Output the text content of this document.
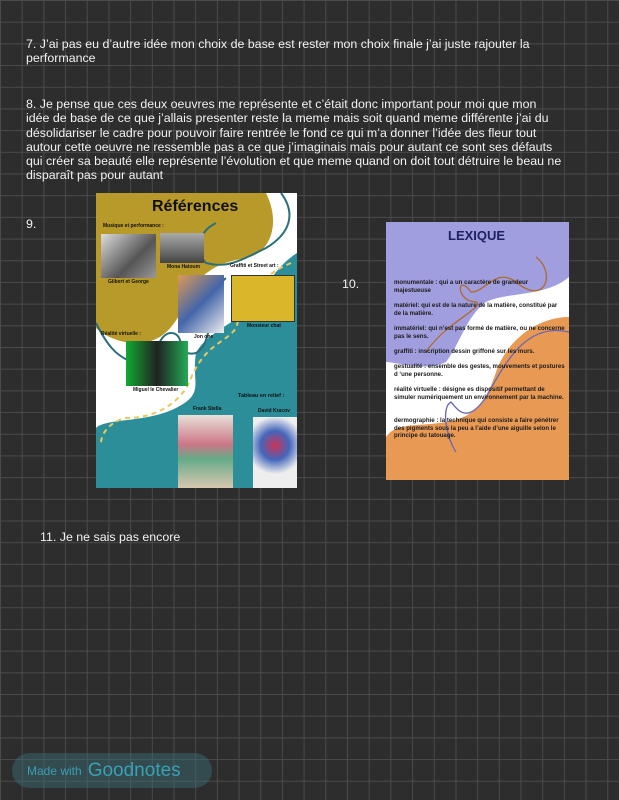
7. J’ai pas eu d’autre idée mon choix de base est rester mon choix finale j’ai juste rajouter la
performance
8. Je pense que ces deux oeuvres me représente et c’était donc important pour moi que mon
idée de base de ce que j’allais presenter reste la meme mais soit quand meme différente j’ai du
désolidariser le cadre pour pouvoir faire rentrée le fond ce qui m’a donner l’idée des fleur tout
autour cette oeuvre ne ressemble pas a ce que j’imaginais mais pour autant ce sont ses défauts
qui créer sa beauté elle représente l’évolution et que meme quand on doit tout détruire le beau ne
disparaît pas pour autant
9.
10.
11. Je ne sais pas encore
Références
Musique et performance :
Gilbert et George
Mona Hatoum	Graffiti et Street art :
Jon one
Monsieur chat
Réalité virtuelle :
Miguel le Chevalier
Tableau en relief :
Frank Stella	David Kracov
LEXIQUE
monumentale : qui a un caractère de grandeur majestueuse
matériel: qui est de la nature de la matière, constitué par de la matière.
immatériel: qui n’est pas formé de matière, ou ne concerne pas le sens.
graffiti : inscription dessin griffoné sur les murs.
gestualité : ensemble des gestes, mouvements et postures d ‘une personne.
réalité virtuelle : désigne es dispositif permettant de simuler numériquement un environnement par la machine.
dermographie : la technique qui consiste a faire pénétrer des pigments sous la peu a l’aide d’une aiguille selon le principe du tatouage.
Made with Goodnotes
